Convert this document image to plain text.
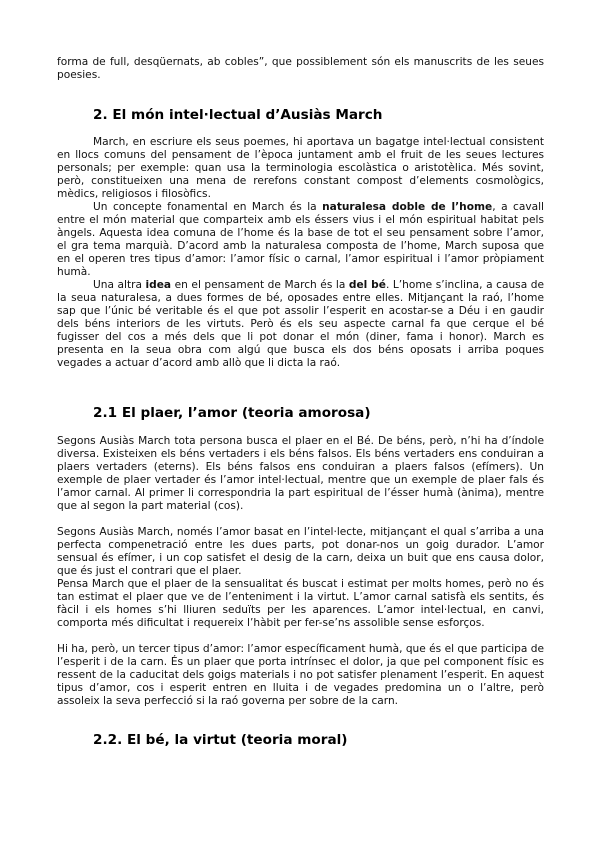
forma de full, desqüernats, ab cobles”, que possiblement són els manuscrits de les seues poesies.

2. El món intel·lectual d’Ausiàs March

March, en escriure els seus poemes, hi aportava un bagatge intel·lectual consistent en llocs comuns del pensament de l’època juntament amb el fruit de les seues lectures personals; per exemple: quan usa la terminologia escolàstica o aristotèlica. Més sovint, però, constitueixen una mena de rerefons constant compost d’elements cosmològics, mèdics, religiosos i filosòfics.

Un concepte fonamental en March és la naturalesa doble de l’home, a cavall entre el món material que comparteix amb els éssers vius i el món espiritual habitat pels àngels. Aquesta idea comuna de l’home és la base de tot el seu pensament sobre l’amor, el gra tema marquià. D’acord amb la naturalesa composta de l’home, March suposa que en el operen tres tipus d’amor: l’amor físic o carnal, l’amor espiritual i l’amor pròpiament humà.

Una altra idea en el pensament de March és la del bé. L’home s’inclina, a causa de la seua naturalesa, a dues formes de bé, oposades entre elles. Mitjançant la raó, l’home sap que l’únic bé veritable és el que pot assolir l’esperit en acostar-se a Déu i en gaudir dels béns interiors de les virtuts. Però és els seu aspecte carnal fa que cerque el bé fugisser del cos a més dels que li pot donar el món (diner, fama i honor). March es presenta en la seua obra com algú que busca els dos béns oposats i arriba poques vegades a actuar d’acord amb allò que li dicta la raó.

2.1 El plaer, l’amor (teoria amorosa)

Segons Ausiàs March tota persona busca el plaer en el Bé. De béns, però, n’hi ha d’índole diversa. Existeixen els béns vertaders i els béns falsos. Els béns vertaders ens conduiran a plaers vertaders (eterns). Els béns falsos ens conduiran a plaers falsos (efímers). Un exemple de plaer vertader és l’amor intel·lectual, mentre que un exemple de plaer fals és l’amor carnal. Al primer li correspondria la part espiritual de l’ésser humà (ànima), mentre que al segon la part material (cos).

Segons Ausiàs March, només l’amor basat en l’intel·lecte, mitjançant el qual s’arriba a una perfecta compenetració entre les dues parts, pot donar-nos un goig durador. L’amor sensual és efímer, i un cop satisfet el desig de la carn, deixa un buit que ens causa dolor, que és just el contrari que el plaer.

Pensa March que el plaer de la sensualitat és buscat i estimat per molts homes, però no és tan estimat el plaer que ve de l’enteniment i la virtut. L’amor carnal satisfà els sentits, és fàcil i els homes s’hi lliuren seduïts per les aparences. L’amor intel·lectual, en canvi, comporta més dificultat i requereix l’hàbit per fer-se’ns assolible sense esforços.

Hi ha, però, un tercer tipus d’amor: l’amor específicament humà, que és el que participa de l’esperit i de la carn. És un plaer que porta intrínsec el dolor, ja que pel component físic es ressent de la caducitat dels goigs materials i no pot satisfer plenament l’esperit. En aquest tipus d’amor, cos i esperit entren en lluita i de vegades predomina un o l’altre, però assoleix la seva perfecció si la raó governa per sobre de la carn.

2.2. El bé, la virtut (teoria moral)
